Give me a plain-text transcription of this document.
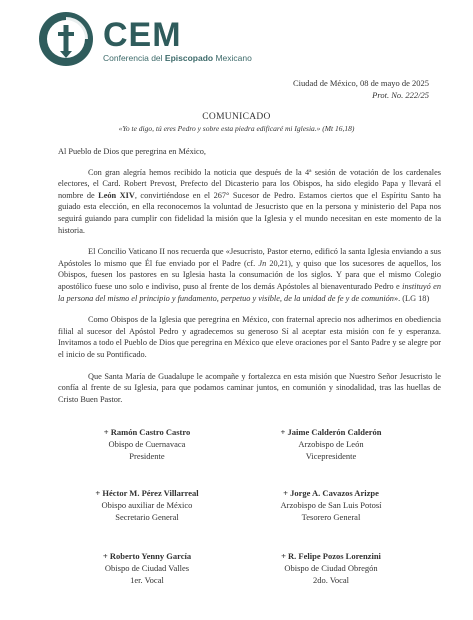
CEM
Conferencia del Episcopado Mexicano
Ciudad de México, 08 de mayo de 2025
Prot. No. 222/25
COMUNICADO
«Yo te digo, tú eres Pedro y sobre esta piedra edificaré mi Iglesia.» (Mt 16,18)

Al Pueblo de Dios que peregrina en México,

Con gran alegría hemos recibido la noticia que después de la 4ª sesión de votación de los cardenales electores, el Card. Robert Prevost, Prefecto del Dicasterio para los Obispos, ha sido elegido Papa y llevará el nombre de León XIV, convirtiéndose en el 267° Sucesor de Pedro. Estamos ciertos que el Espíritu Santo ha guiado esta elección, en ella reconocemos la voluntad de Jesucristo que en la persona y ministerio del Papa nos seguirá guiando para cumplir con fidelidad la misión que la Iglesia y el mundo necesitan en este momento de la historia.

El Concilio Vaticano II nos recuerda que «Jesucristo, Pastor eterno, edificó la santa Iglesia enviando a sus Apóstoles lo mismo que Él fue enviado por el Padre (cf. Jn 20,21), y quiso que los sucesores de aquellos, los Obispos, fuesen los pastores en su Iglesia hasta la consumación de los siglos. Y para que el mismo Colegio apostólico fuese uno solo e indiviso, puso al frente de los demás Apóstoles al bienaventurado Pedro e instituyó en la persona del mismo el principio y fundamento, perpetuo y visible, de la unidad de fe y de comunión». (LG 18)

Como Obispos de la Iglesia que peregrina en México, con fraternal aprecio nos adherimos en obediencia filial al sucesor del Apóstol Pedro y agradecemos su generoso Sí al aceptar esta misión con fe y esperanza. Invitamos a todo el Pueblo de Dios que peregrina en México que eleve oraciones por el Santo Padre y se alegre por el inicio de su Pontificado.

Que Santa María de Guadalupe le acompañe y fortalezca en esta misión que Nuestro Señor Jesucristo le confía al frente de su Iglesia, para que podamos caminar juntos, en comunión y sinodalidad, tras las huellas de Cristo Buen Pastor.

+ Ramón Castro Castro
Obispo de Cuernavaca
Presidente
+ Jaime Calderón Calderón
Arzobispo de León
Vicepresidente
+ Héctor M. Pérez Villarreal
Obispo auxiliar de México
Secretario General
+ Jorge A. Cavazos Arizpe
Arzobispo de San Luis Potosí
Tesorero General
+ Roberto Yenny García
Obispo de Ciudad Valles
1er. Vocal
+ R. Felipe Pozos Lorenzini
Obispo de Ciudad Obregón
2do. Vocal
